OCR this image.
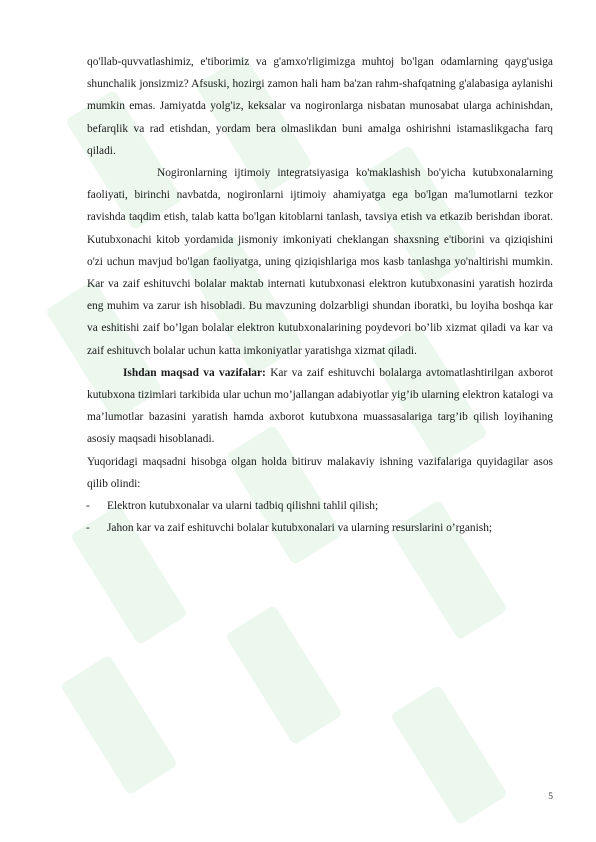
qo'llab-quvvatlashimiz, e'tiborimiz va g'amxo'rligimizga muhtoj bo'lgan odamlarning qayg'usiga shunchalik jonsizmiz? Afsuski, hozirgi zamon hali ham ba'zan rahm-shafqatning g'alabasiga aylanishi mumkin emas. Jamiyatda yolg'iz, keksalar va nogironlarga nisbatan munosabat ularga achinishdan, befarqlik va rad etishdan, yordam bera olmaslikdan buni amalga oshirishni istamaslikgacha farq qiladi.

Nogironlarning ijtimoiy integratsiyasiga ko'maklashish bo'yicha kutubxonalarning faoliyati, birinchi navbatda, nogironlarni ijtimoiy ahamiyatga ega bo'lgan ma'lumotlarni tezkor ravishda taqdim etish, talab katta bo'lgan kitoblarni tanlash, tavsiya etish va etkazib berishdan iborat. Kutubxonachi kitob yordamida jismoniy imkoniyati cheklangan shaxsning e'tiborini va qiziqishini o'zi uchun mavjud bo'lgan faoliyatga, uning qiziqishlariga mos kasb tanlashga yo'naltirishi mumkin. Kar va zaif eshituvchi bolalar maktab internati kutubxonasi elektron kutubxonasini yaratish hozirda eng muhim va zarur ish hisobladi. Bu mavzuning dolzarbligi shundan iboratki, bu loyiha boshqa kar va eshitishi zaif bo’lgan bolalar elektron kutubxonalarining poydevori bo’lib xizmat qiladi va kar va zaif eshituvch bolalar uchun katta imkoniyatlar yaratishga xizmat qiladi.

Ishdan maqsad va vazifalar: Kar va zaif eshituvchi bolalarga avtomatlashtirilgan axborot kutubxona tizimlari tarkibida ular uchun mo’jallangan adabiyotlar yig’ib ularning elektron katalogi va ma’lumotlar bazasini yaratish hamda axborot kutubxona muassasalariga targ’ib qilish loyihaning asosiy maqsadi hisoblanadi.

Yuqoridagi maqsadni hisobga olgan holda bitiruv malakaviy ishning vazifalariga quyidagilar asos qilib olindi:

- Elektron kutubxonalar va ularni tadbiq qilishni tahlil qilish;
- Jahon kar va zaif eshituvchi bolalar kutubxonalari va ularning resurslarini o’rganish;
5
